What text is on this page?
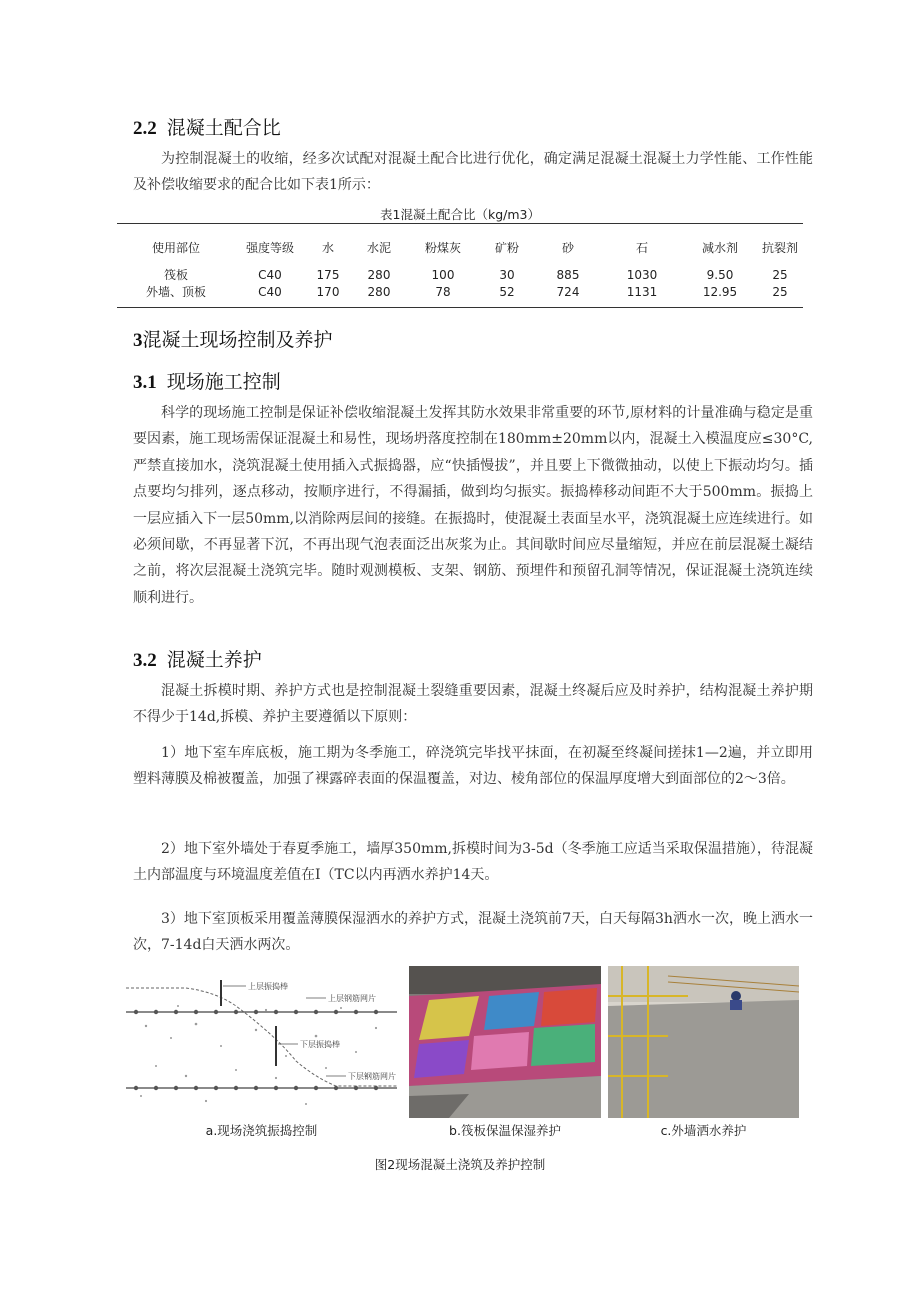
2.2 混凝土配合比

为控制混凝土的收缩，经多次试配对混凝土配合比进行优化，确定满足混凝土混凝土力学性能、工作性能及补偿收缩要求的配合比如下表1所示：

表1混凝土配合比（kg/m3）
使用部位	强度等级	水	水泥	粉煤灰	矿粉	砂	石	减水剂	抗裂剂

筏板	C40	175	280	100	30	885	1030	9.50	25
外墙、顶板	C40	170	280	78	52	724	1131	12.95	25
3混凝土现场控制及养护
3.1 现场施工控制

科学的现场施工控制是保证补偿收缩混凝土发挥其防水效果非常重要的环节,原材料的计量准确与稳定是重要因素，施工现场需保证混凝土和易性，现场坍落度控制在180mm±20mm以内，混凝土入模温度应≤30°C,严禁直接加水，浇筑混凝土使用插入式振捣器，应“快插慢拔”，并且要上下微微抽动，以使上下振动均匀。插点要均匀排列，逐点移动，按顺序进行，不得漏插，做到均匀振实。振捣棒移动间距不大于500mm。振捣上一层应插入下一层50mm,以消除两层间的接缝。在振捣时，使混凝土表面呈水平，浇筑混凝土应连续进行。如必须间歇，不再显著下沉，不再出现气泡表面泛出灰浆为止。其间歇时间应尽量缩短，并应在前层混凝土凝结之前，将次层混凝土浇筑完毕。随时观测模板、支架、钢筋、预埋件和预留孔洞等情况，保证混凝土浇筑连续顺利进行。

3.2 混凝土养护

混凝土拆模时期、养护方式也是控制混凝土裂缝重要因素，混凝土终凝后应及时养护，结构混凝土养护期不得少于14d,拆模、养护主要遵循以下原则：

1）地下室车库底板，施工期为冬季施工，碎浇筑完毕找平抹面，在初凝至终凝间搓抹1—2遍，并立即用塑料薄膜及棉被覆盖，加强了裸露碎表面的保温覆盖，对边、棱角部位的保温厚度增大到面部位的2～3倍。

2）地下室外墙处于春夏季施工，墙厚350mm,拆模时间为3-5d（冬季施工应适当采取保温措施），待混凝土内部温度与环境温度差值在I（TC以内再洒水养护14天。

3）地下室顶板采用覆盖薄膜保湿洒水的养护方式，混凝土浇筑前7天，白天每隔3h洒水一次，晚上洒水一次，7-14d白天洒水两次。

上层振捣棒
上层钢筋网片
下层振捣棒
下层钢筋网片
a.现场浇筑振捣控制	b.筏板保温保湿养护	c.外墙洒水养护
图2现场混凝土浇筑及养护控制
